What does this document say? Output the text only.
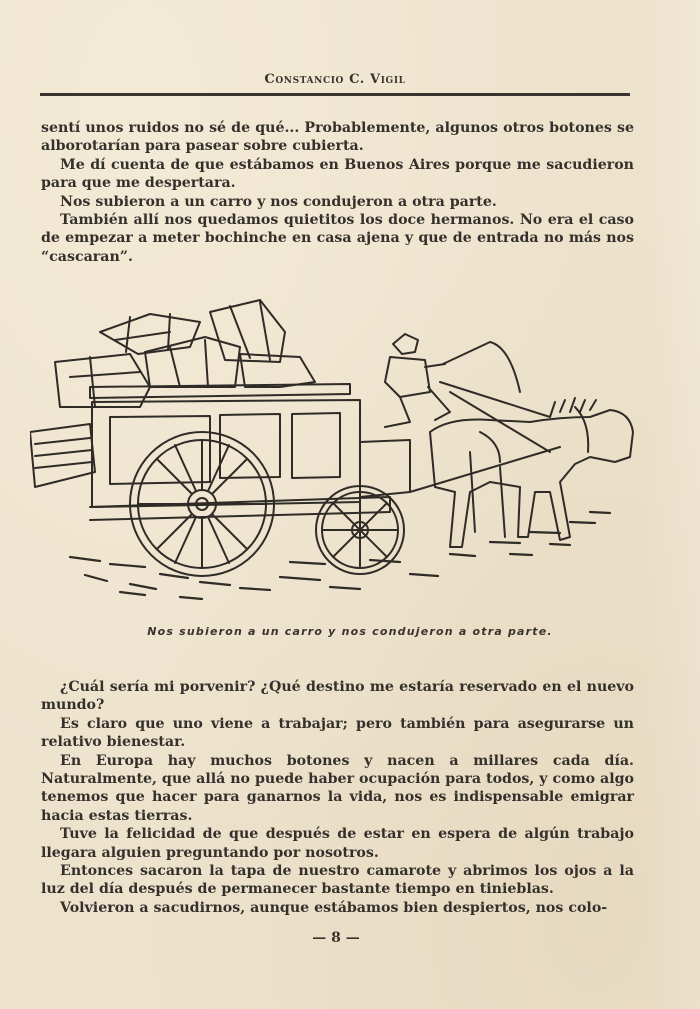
Constancio C. Vigil

sentí unos ruidos no sé de qué... Probablemente, algunos otros botones se alborotarían para pasear sobre cubierta.

Me dí cuenta de que estábamos en Buenos Aires porque me sacudieron para que me despertara.

Nos subieron a un carro y nos condujeron a otra parte.

También allí nos quedamos quietitos los doce hermanos. No era el caso de empezar a meter bochinche en casa ajena y que de entrada no más nos “cascaran”.

Nos subieron a un carro y nos condujeron a otra parte.

¿Cuál sería mi porvenir? ¿Qué destino me estaría reservado en el nuevo mundo?

Es claro que uno viene a trabajar; pero también para asegurarse un relativo bienestar.

En Europa hay muchos botones y nacen a millares cada día. Naturalmente, que allá no puede haber ocupación para todos, y como algo tenemos que hacer para ganarnos la vida, nos es indispensable emigrar hacia estas tierras.

Tuve la felicidad de que después de estar en espera de algún trabajo llegara alguien preguntando por nosotros.

Entonces sacaron la tapa de nuestro camarote y abrimos los ojos a la luz del día después de permanecer bastante tiempo en tinieblas.

Volvieron a sacudirnos, aunque estábamos bien despiertos, nos colo-

— 8 —
